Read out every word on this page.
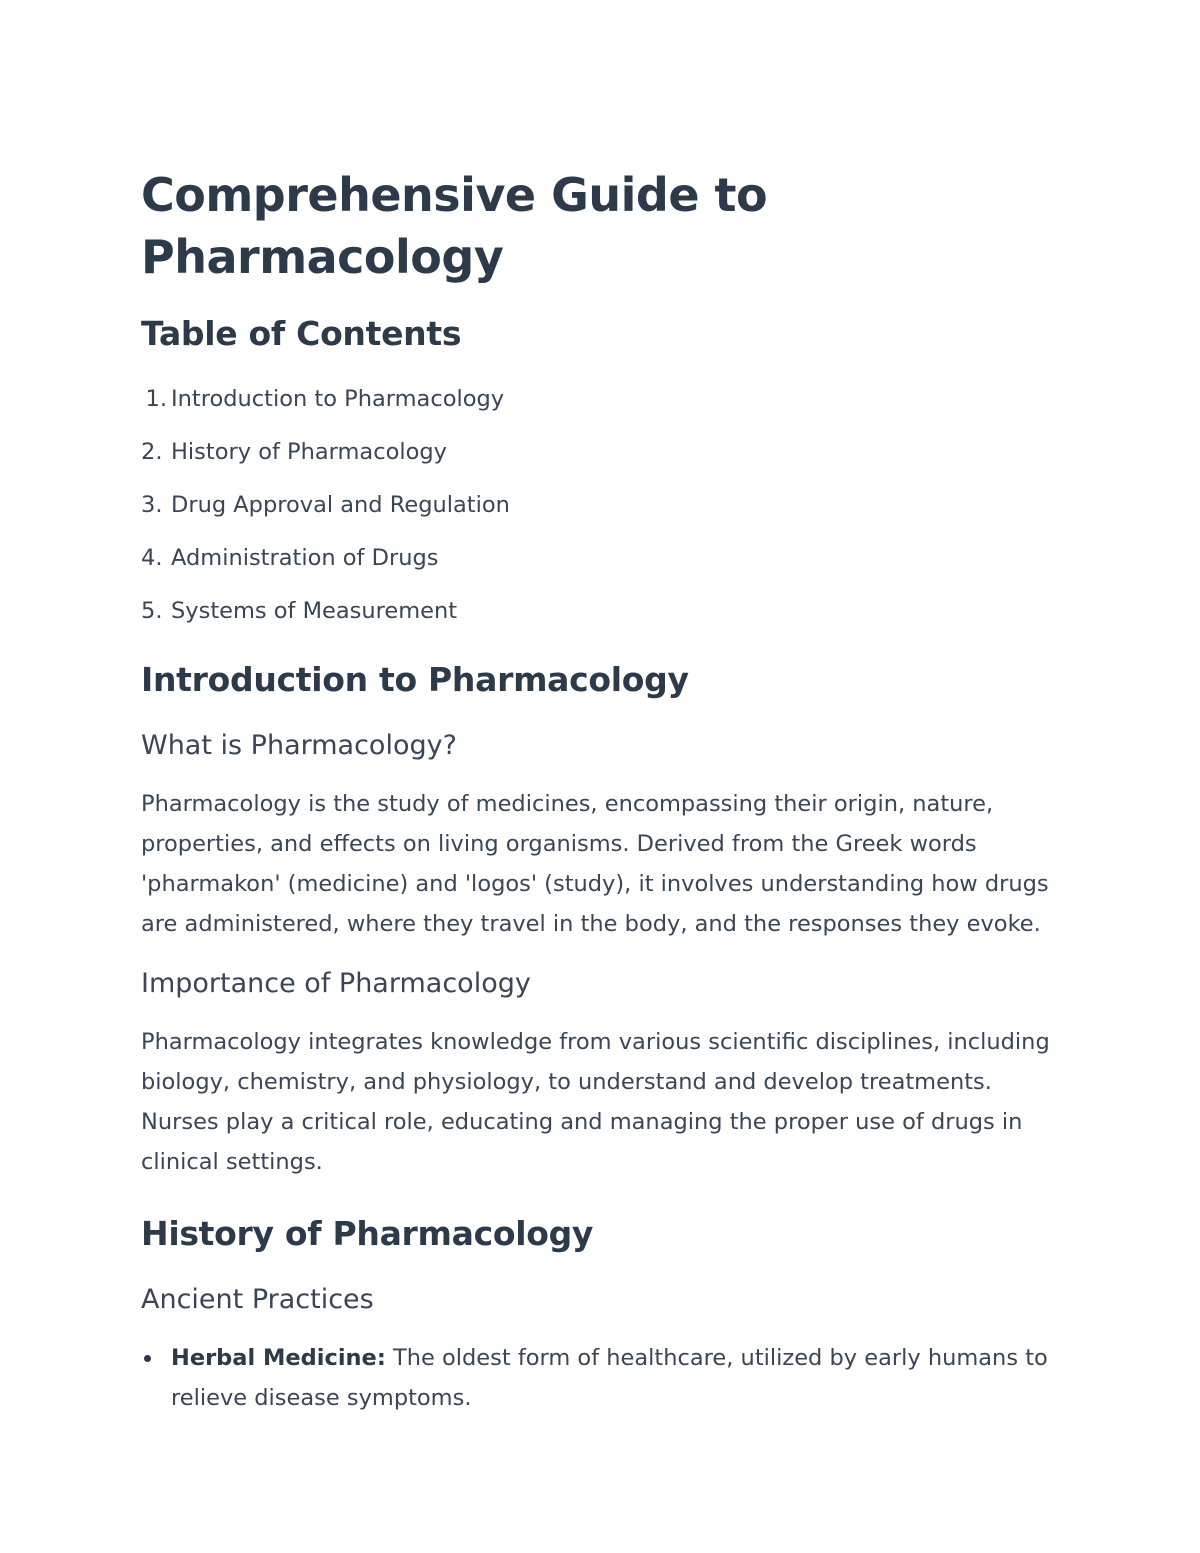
Comprehensive Guide to Pharmacology
Table of Contents
1. Introduction to Pharmacology
2. History of Pharmacology
3. Drug Approval and Regulation
4. Administration of Drugs
5. Systems of Measurement
Introduction to Pharmacology
What is Pharmacology?

Pharmacology is the study of medicines, encompassing their origin, nature, properties, and effects on living organisms. Derived from the Greek words 'pharmakon' (medicine) and 'logos' (study), it involves understanding how drugs are administered, where they travel in the body, and the responses they evoke.

Importance of Pharmacology

Pharmacology integrates knowledge from various scientific disciplines, including biology, chemistry, and physiology, to understand and develop treatments. Nurses play a critical role, educating and managing the proper use of drugs in clinical settings.

History of Pharmacology
Ancient Practices
Herbal Medicine: The oldest form of healthcare, utilized by early humans to relieve disease symptoms.
